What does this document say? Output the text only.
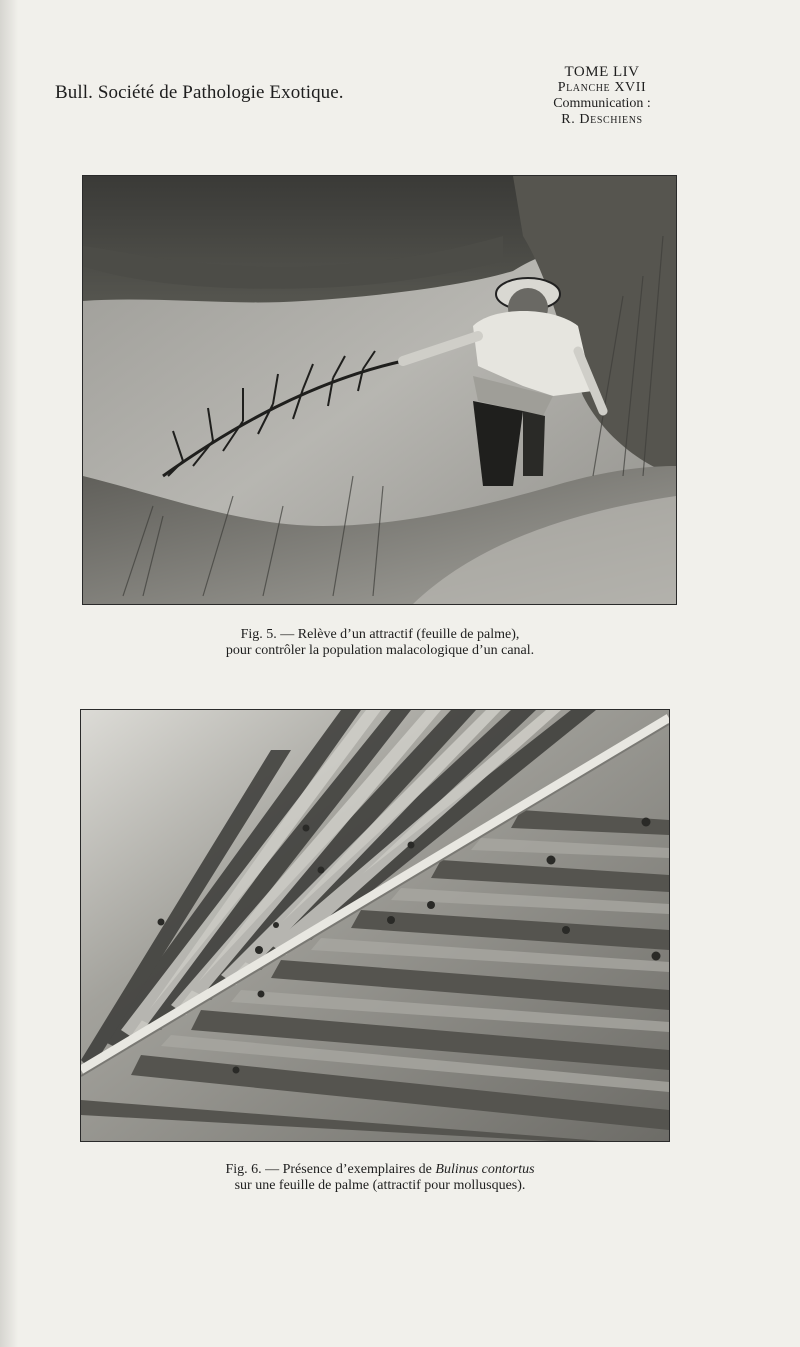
Bull. Société de Pathologie Exotique.
TOME LIV
Planche XVII
Communication :
R. Deschiens
Fig. 5. — Relève d’un attractif (feuille de palme),
pour contrôler la population malacologique d’un canal.
Fig. 6. — Présence d’exemplaires de Bulinus contortus
sur une feuille de palme (attractif pour mollusques).
